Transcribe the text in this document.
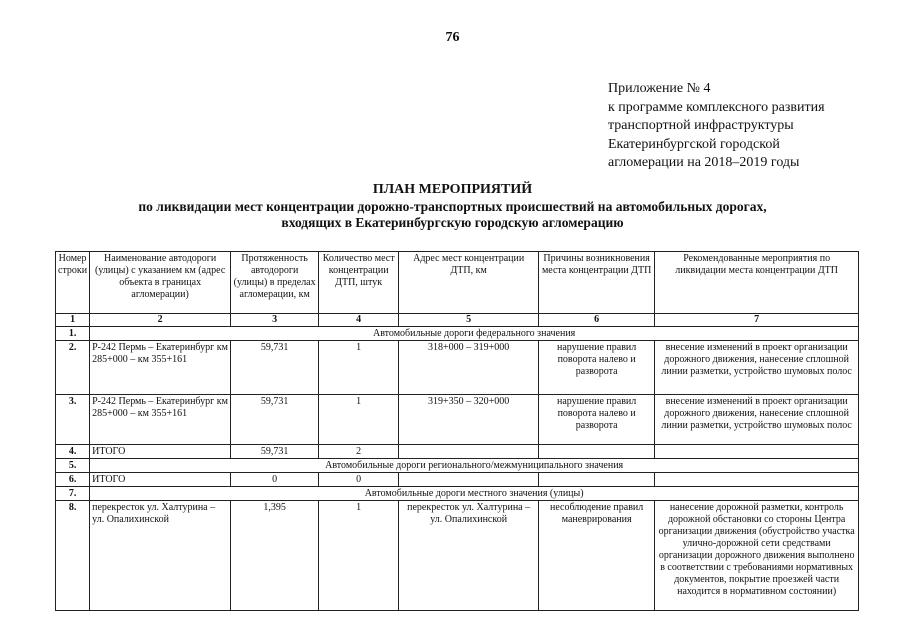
76
Приложение № 4
к программе комплексного развития
транспортной инфраструктуры
Екатеринбургской городской
агломерации на 2018–2019 годы
ПЛАН МЕРОПРИЯТИЙ
по ликвидации мест концентрации дорожно-транспортных происшествий на автомобильных дорогах,
входящих в Екатеринбургскую городскую агломерацию
Номер строки	Наименование автодороги (улицы) с указанием км (адрес объекта в границах агломерации)	Протяженность автодороги (улицы) в пределах агломерации, км	Количество мест концентрации ДТП, штук	Адрес мест концентрации ДТП, км	Причины возникновения места концентрации ДТП	Рекомендованные мероприятия по ликвидации места концентрации ДТП
1	2	3	4	5	6	7
1.	Автомобильные дороги федерального значения					
2.	Р-242 Пермь – Екатеринбург км 285+000 – км 355+161	59,731	1	318+000 – 319+000	нарушение правил поворота налево и разворота	внесение изменений в проект организации дорожного движения, нанесение сплошной линии разметки, устройство шумовых полос
3.	Р-242 Пермь – Екатеринбург км 285+000 – км 355+161	59,731	1	319+350 – 320+000	нарушение правил поворота налево и разворота	внесение изменений в проект организации дорожного движения, нанесение сплошной линии разметки, устройство шумовых полос
4.	ИТОГО	59,731	2			
5.	Автомобильные дороги регионального/межмуниципального значения					
6.	ИТОГО	0	0			
7.	Автомобильные дороги местного значения (улицы)					
8.	перекресток ул. Халтурина – ул. Опалихинской	1,395	1	перекресток ул. Халтурина – ул. Опалихинской	несоблюдение правил маневрирования	нанесение дорожной разметки, контроль дорожной обстановки со стороны Центра организации движения (обустройство участка улично-дорожной сети средствами организации дорожного движения выполнено в соответствии с требованиями нормативных документов, покрытие проезжей части находится в нормативном состоянии)
